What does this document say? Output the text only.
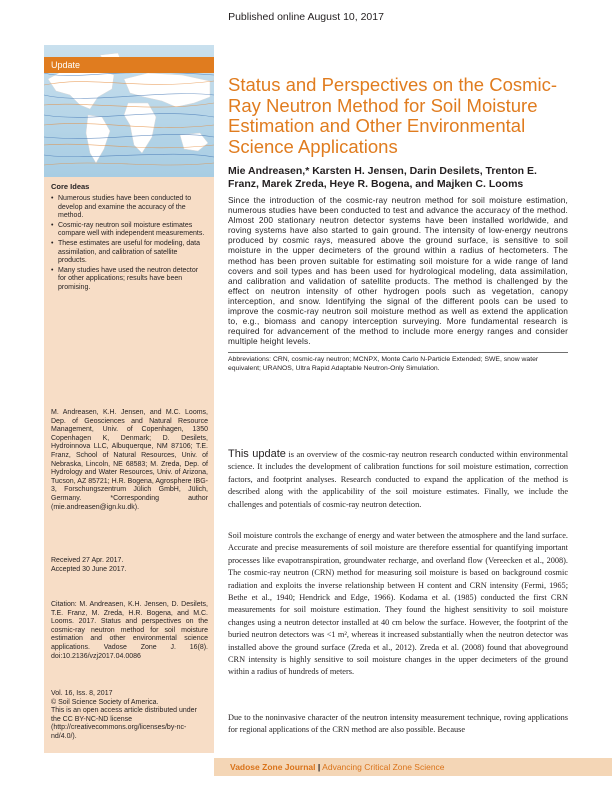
Published online August 10, 2017
Update
Core Ideas
• Numerous studies have been conducted to develop and examine the accuracy of the method.
• Cosmic-ray neutron soil moisture estimates compare well with independent measurements.
• These estimates are useful for modeling, data assimilation, and calibration of satellite products.
• Many studies have used the neutron detector for other applications; results have been promising.
M. Andreasen, K.H. Jensen, and M.C. Looms, Dep. of Geosciences and Natural Resource Management, Univ. of Copenhagen, 1350 Copenhagen K, Denmark; D. Desilets, Hydroinnova LLC, Albuquerque, NM 87106; T.E. Franz, School of Natural Resources, Univ. of Nebraska, Lincoln, NE 68583; M. Zreda, Dep. of Hydrology and Water Resources, Univ. of Arizona, Tucson, AZ 85721; H.R. Bogena, Agrosphere IBG-3, Forschungszentrum Jülich GmbH, Jülich, Germany. *Corresponding author (mie.andreasen@ign.ku.dk).
Received 27 Apr. 2017.
Accepted 30 June 2017.
Citation: M. Andreasen, K.H. Jensen, D. Desilets, T.E. Franz, M. Zreda, H.R. Bogena, and M.C. Looms. 2017. Status and perspectives on the cosmic-ray neutron method for soil moisture estimation and other environmental science applications. Vadose Zone J. 16(8). doi:10.2136/vzj2017.04.0086
Vol. 16, Iss. 8, 2017
© Soil Science Society of America.
This is an open access article distributed under the CC BY-NC-ND license (http://creativecommons.org/licenses/by-nc-nd/4.0/).
Status and Perspectives on the Cosmic-Ray Neutron Method for Soil Moisture Estimation and Other Environmental Science Applications
Mie Andreasen,* Karsten H. Jensen, Darin Desilets, Trenton E. Franz, Marek Zreda, Heye R. Bogena, and Majken C. Looms

Since the introduction of the cosmic-ray neutron method for soil moisture estimation, numerous studies have been conducted to test and advance the accuracy of the method. Almost 200 stationary neutron detector systems have been installed worldwide, and roving systems have also started to gain ground. The intensity of low-energy neutrons produced by cosmic rays, measured above the ground surface, is sensitive to soil moisture in the upper decimeters of the ground within a radius of hectometers. The method has been proven suitable for estimating soil moisture for a wide range of land covers and soil types and has been used for hydrological modeling, data assimilation, and calibration and validation of satellite products. The method is challenged by the effect on neutron intensity of other hydrogen pools such as vegetation, canopy interception, and snow. Identifying the signal of the different pools can be used to improve the cosmic-ray neutron soil moisture method as well as extend the application to, e.g., biomass and canopy interception surveying. More fundamental research is required for advancement of the method to include more energy ranges and consider multiple height levels.

Abbreviations: CRN, cosmic-ray neutron; MCNPX, Monte Carlo N-Particle Extended; SWE, snow water equivalent; URANOS, Ultra Rapid Adaptable Neutron-Only Simulation.

This update is an overview of the cosmic-ray neutron research conducted within environmental science. It includes the development of calibration functions for soil moisture estimation, correction factors, and footprint analyses. Research conducted to expand the application of the method is described along with the applicability of the soil moisture estimates. Finally, we include the challenges and potentials of cosmic-ray neutron detection.

Soil moisture controls the exchange of energy and water between the atmosphere and the land surface. Accurate and precise measurements of soil moisture are therefore essential for quantifying important processes like evapotranspiration, groundwater recharge, and overland flow (Vereecken et al., 2008). The cosmic-ray neutron (CRN) method for measuring soil moisture is based on background cosmic radiation and exploits the inverse relationship between H content and CRN intensity (Fermi, 1965; Bethe et al., 1940; Hendrick and Edge, 1966). Kodama et al. (1985) conducted the first CRN measurements for soil moisture estimation. They found the highest sensitivity to soil moisture changes using a neutron detector installed at 40 cm below the surface. However, the footprint of the buried neutron detectors was <1 m², whereas it increased substantially when the neutron detector was installed above the ground surface (Zreda et al., 2012). Zreda et al. (2008) found that aboveground CRN intensity is highly sensitive to soil moisture changes in the upper decimeters of the ground within a radius of hundreds of meters.

Due to the noninvasive character of the neutron intensity measurement technique, roving applications for regional applications of the CRN method are also possible. Because

Vadose Zone Journal | Advancing Critical Zone Science
